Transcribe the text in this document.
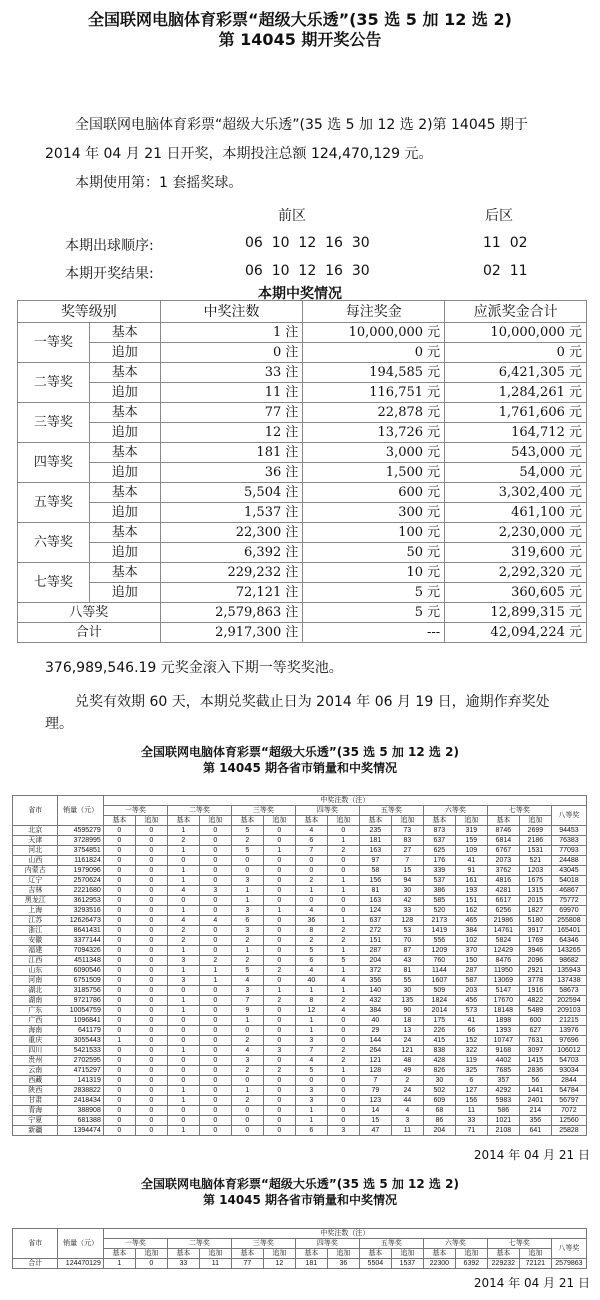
全国联网电脑体育彩票“超级大乐透”(35 选 5 加 12 选 2)
第 14045 期开奖公告
全国联网电脑体育彩票“超级大乐透”(35 选 5 加 12 选 2)第 14045 期于
2014 年 04 月 21 日开奖，本期投注总额 124,470,129 元。
本期使用第：1 套摇奖球。
前区	后区
本期出球顺序:	06  10  12  16  30	11  02
本期开奖结果:	06  10  12  16  30	02  11
本期中奖情况
奖等级别		中奖注数	每注奖金	应派奖金合计
一等奖	基本	1 注	10,000,000 元	10,000,000 元
	追加	0 注	0 元	0 元
二等奖	基本	33 注	194,585 元	6,421,305 元
	追加	11 注	116,751 元	1,284,261 元
三等奖	基本	77 注	22,878 元	1,761,606 元
	追加	12 注	13,726 元	164,712 元
四等奖	基本	181 注	3,000 元	543,000 元
	追加	36 注	1,500 元	54,000 元
五等奖	基本	5,504 注	600 元	3,302,400 元
	追加	1,537 注	300 元	461,100 元
六等奖	基本	22,300 注	100 元	2,230,000 元
	追加	6,392 注	50 元	319,600 元
七等奖	基本	229,232 注	10 元	2,292,320 元
	追加	72,121 注	5 元	360,605 元
八等奖		2,579,863 注	5 元	12,899,315 元
合计		2,917,300 注	---	42,094,224 元
376,989,546.19 元奖金滚入下期一等奖奖池。
兑奖有效期 60 天，本期兑奖截止日为 2014 年 06 月 19 日，逾期作弃奖处
理。
全国联网电脑体育彩票“超级大乐透”(35 选 5 加 12 选 2)
第 14045 期各省市销量和中奖情况
省市	销量（元）	中奖注数（注）														
		一等奖		二等奖		三等奖		四等奖		五等奖		六等奖		七等奖		八等奖
		基本	追加	基本	追加	基本	追加	基本	追加	基本	追加	基本	追加	基本	追加	
北京	4595279	0	0	1	0	5	0	4	0	235	73	873	319	8746	2699	94453
天津	3728995	0	0	2	0	2	0	6	1	181	83	637	159	6814	2186	76383
河北	3754851	0	0	1	0	5	1	7	2	163	27	625	109	6767	1531	77093
山西	1161824	0	0	0	0	0	0	0	0	97	7	176	41	2073	521	24488
内蒙古	1979096	0	0	1	0	0	0	0	0	58	15	339	91	3762	1203	43045
辽宁	2570624	0	0	1	0	3	0	2	1	156	94	537	161	4816	1675	54018
吉林	2221680	0	0	4	3	1	0	1	1	81	30	386	193	4281	1315	46867
黑龙江	3612953	0	0	0	0	1	0	0	0	163	42	585	151	6617	2015	75772
上海	3293516	0	0	1	0	3	1	4	0	124	33	520	162	6256	1827	69970
江苏	12626473	0	0	4	4	6	0	36	1	637	128	2173	465	21986	5180	255808
浙江	8641431	0	0	2	0	3	0	8	2	272	53	1419	384	14761	3917	165401
安徽	3377144	0	0	2	0	2	0	2	2	151	70	556	102	5824	1769	64346
福建	7094326	0	0	1	0	1	0	5	1	287	87	1209	370	12429	3946	143265
江西	4511348	0	0	3	2	2	0	6	5	204	43	760	150	8476	2096	98682
山东	6090546	0	0	1	1	5	2	4	1	372	81	1144	287	11950	2921	135943
河南	6751509	0	0	3	1	4	0	40	4	356	55	1607	587	13069	3778	137438
湖北	3185756	0	0	0	0	3	1	1	1	140	30	509	203	5147	1916	58673
湖南	9721786	0	0	1	0	7	2	8	2	432	135	1824	456	17670	4822	202594
广东	10054759	0	0	1	0	9	0	12	4	384	90	2014	573	18148	5489	209103
广西	1096841	0	0	0	0	1	0	1	0	40	18	175	41	1898	600	21215
海南	641179	0	0	0	0	0	0	1	0	29	13	226	66	1393	627	13976
重庆	3055443	1	0	0	0	2	0	3	0	144	24	415	152	10747	7631	97696
四川	5421533	0	0	1	0	4	3	7	2	264	121	838	322	9168	3097	106012
贵州	2702595	0	0	0	0	3	0	4	2	121	48	428	119	4402	1415	54703
云南	4715297	0	0	0	0	2	2	5	1	128	49	826	325	7685	2836	93034
西藏	141319	0	0	0	0	0	0	0	0	7	2	30	6	357	56	2844
陕西	2838822	0	0	1	0	1	0	3	0	79	24	502	127	4292	1441	54784
甘肃	2418434	0	0	1	0	2	0	3	0	123	44	609	156	5983	2401	56797
青海	388908	0	0	0	0	0	0	1	0	14	4	68	11	586	214	7072
宁夏	681388	0	0	0	0	0	0	1	0	15	3	86	33	1021	356	12560
新疆	1394474	0	0	1	0	0	0	6	3	47	11	204	71	2108	641	25828
2014 年 04 月 21 日
全国联网电脑体育彩票“超级大乐透”(35 选 5 加 12 选 2)
第 14045 期各省市销量和中奖情况
省市	销量（元）	中奖注数（注）														
		一等奖		二等奖		三等奖		四等奖		五等奖		六等奖		七等奖		八等奖
		基本	追加	基本	追加	基本	追加	基本	追加	基本	追加	基本	追加	基本	追加	
合计	124470129	1	0	33	11	77	12	181	36	5504	1537	22300	6392	229232	72121	2579863
2014 年 04 月 21 日
